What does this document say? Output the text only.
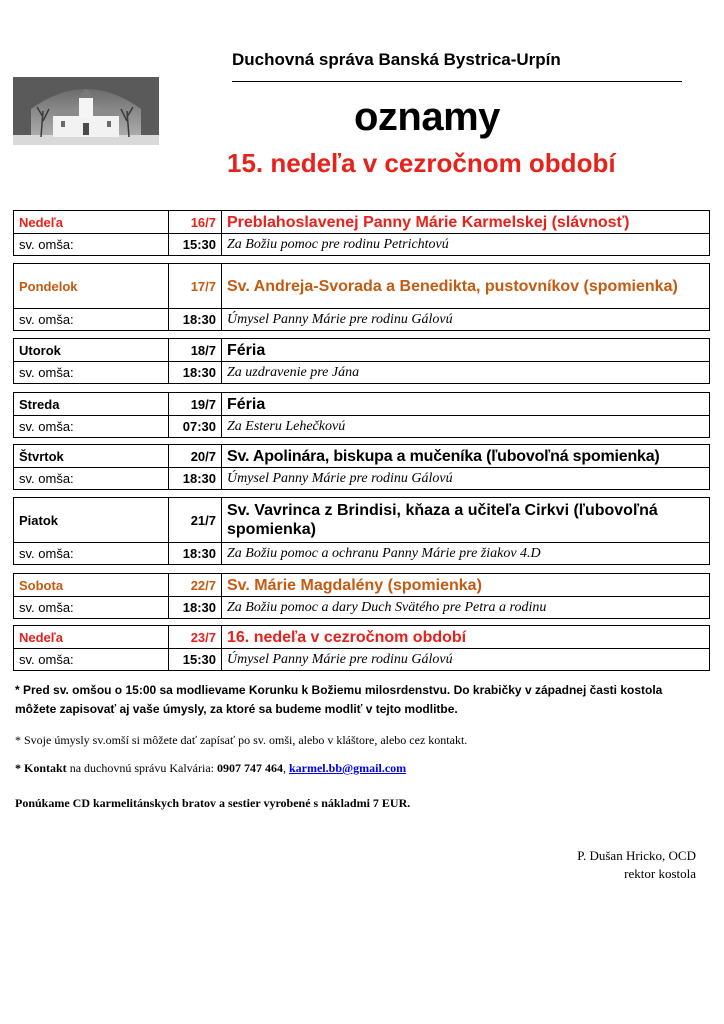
Duchovná správa Banská Bystrica-Urpín
oznamy
15. nedeľa v cezročnom období
Nedeľa	16/7 Preblahoslavenej Panny Márie Karmelskej (slávnosť)
sv. omša:	15:30 Za Božiu pomoc pre rodinu Petrichtovú
Pondelok	17/7 Sv. Andreja-Svorada a Benedikta, pustovníkov (spomienka)
sv. omša:	18:30 Úmysel Panny Márie pre rodinu Gálovú
Utorok	18/7 Féria
sv. omša:	18:30 Za uzdravenie pre Jána
Streda	19/7 Féria
sv. omša:	07:30 Za Esteru Lehečkovú
Štvrtok	20/7 Sv. Apolinára, biskupa a mučeníka (ľubovoľná spomienka)
sv. omša:	18:30 Úmysel Panny Márie pre rodinu Gálovú
Piatok	21/7
Sv. Vavrinca z Brindisi, kňaza a učiteľa Cirkvi (ľubovoľná spomienka)
sv. omša:	18:30 Za Božiu pomoc a ochranu Panny Márie pre žiakov 4.D
Sobota	22/7 Sv. Márie Magdalény (spomienka)
sv. omša:	18:30 Za Božiu pomoc a dary Duch Svätého pre Petra a rodinu
Nedeľa	23/7 16. nedeľa v cezročnom období
sv. omša:	15:30 Úmysel Panny Márie pre rodinu Gálovú
* Pred sv. omšou o 15:00 sa modlievame Korunku k Božiemu milosrdenstvu. Do krabičky v západnej časti kostola môžete zapisovať aj vaše úmysly, za ktoré sa budeme modliť v tejto modlitbe.
* Svoje úmysly sv.omší si môžete dať zapísať po sv. omši, alebo v kláštore, alebo cez kontakt.
* Kontakt na duchovnú správu Kalvária: 0907 747 464, karmel.bb@gmail.com
Ponúkame CD karmelitánskych bratov a sestier vyrobené s nákladmi 7 EUR.
P. Dušan Hricko, OCD
rektor kostola
